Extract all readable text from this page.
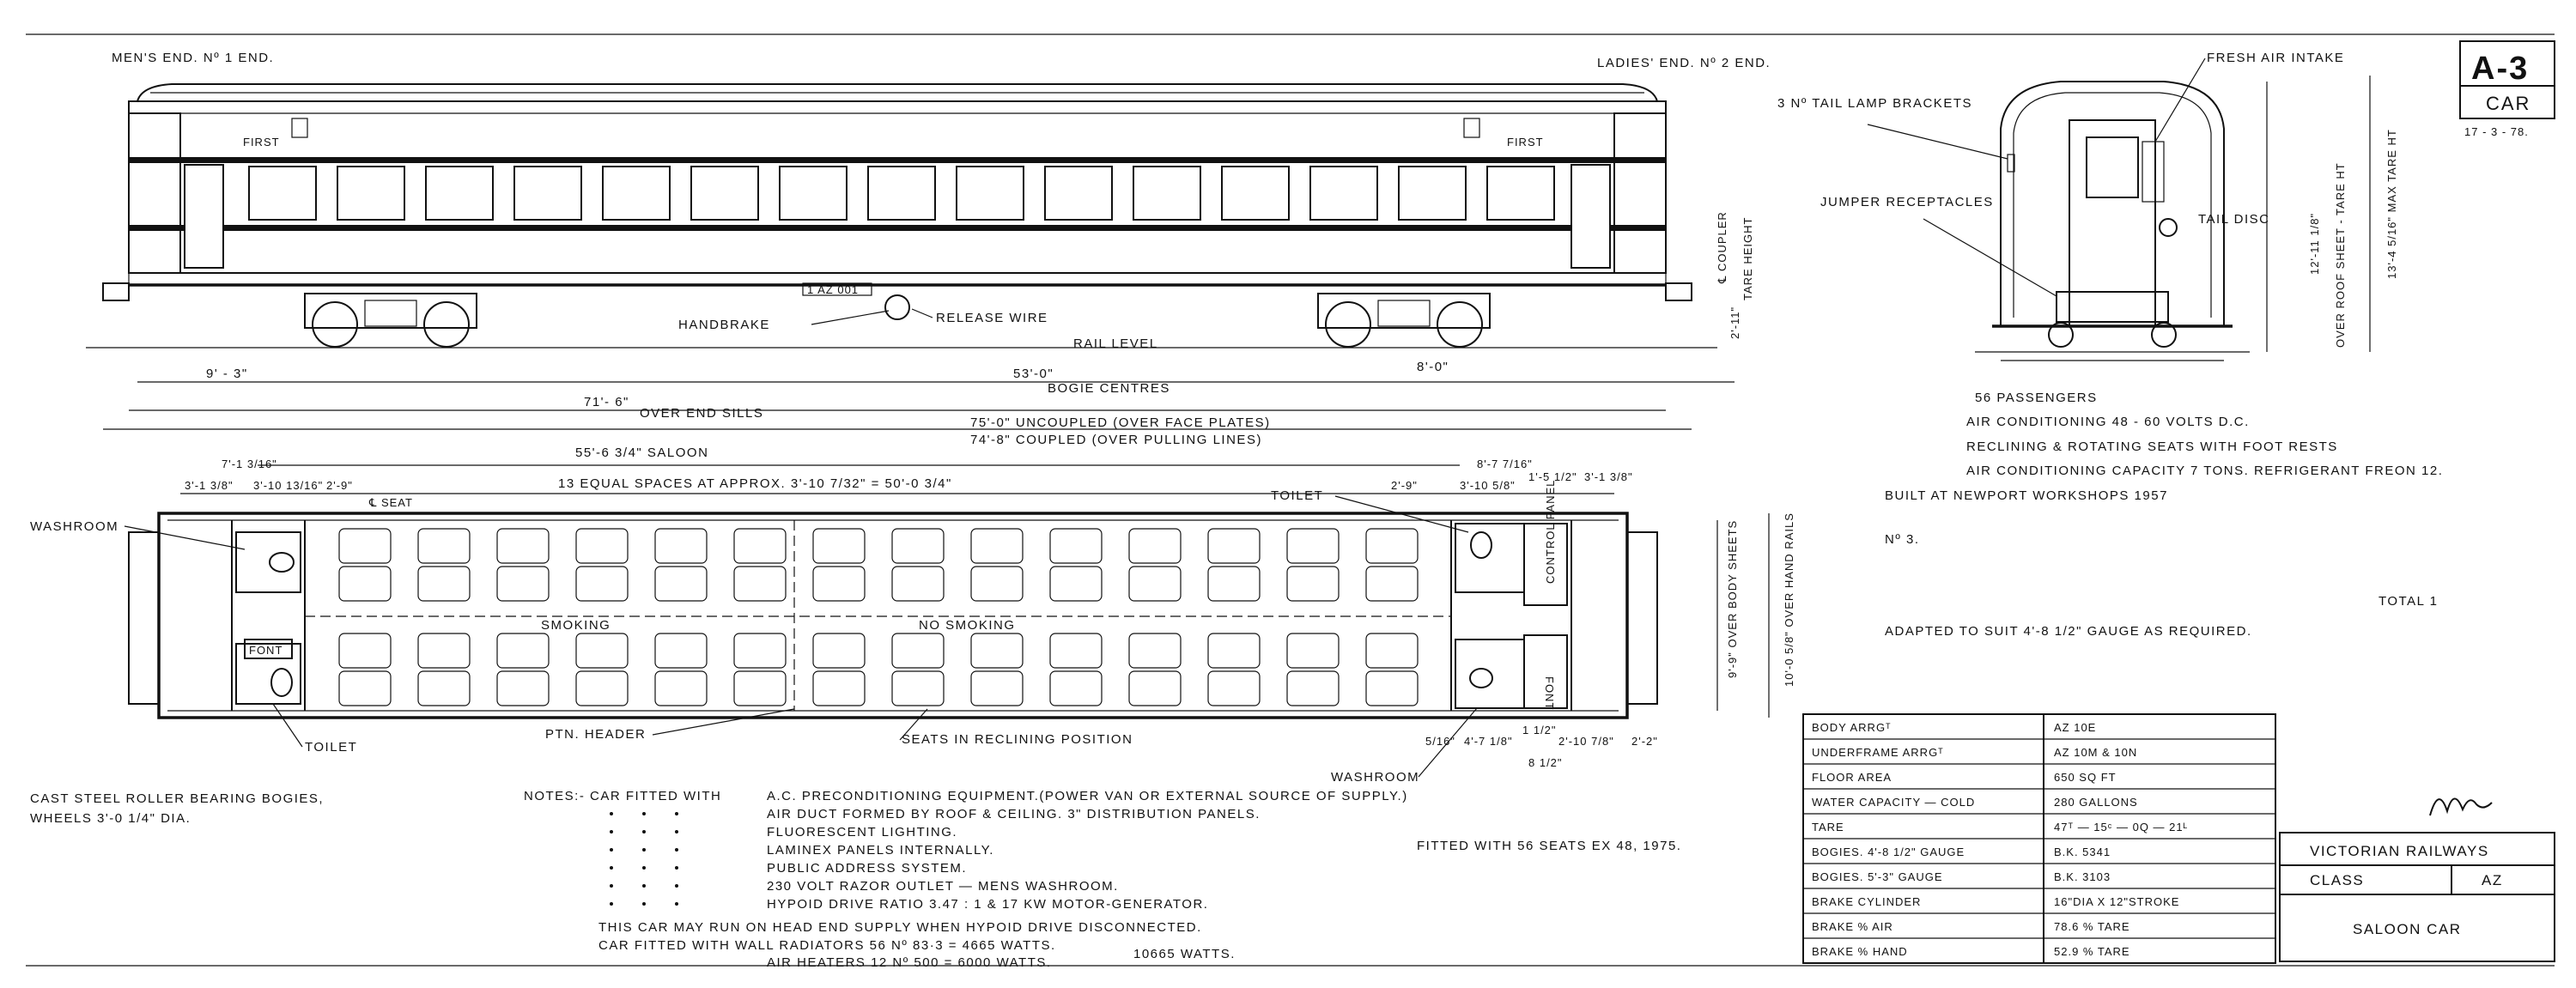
MEN'S END. Nº 1 END.	LADIES' END. Nº 2 END.
1 AZ 001
FIRST	FIRST
HANDBRAKE	RELEASE WIRE
RAIL LEVEL
℄ COUPLER TARE HEIGHT
2'-11"
9' - 3"	53'-0"
BOGIE CENTRES
8'-0"
71'- 6"
OVER END SILLS
75'-0" UNCOUPLED (OVER FACE PLATES)
74'-8" COUPLED (OVER PULLING LINES)
55'-6 3/4" SALOON
13 EQUAL SPACES AT APPROX. 3'-10 7/32" = 50'-0 3/4"
7'-1 3/16"
3'-1 3/8" 3'-10 13/16" 2'-9"
8'-7 7/16"
2'-9"	3'-10 5/8"
1'-5 1/2" 3'-1 3/8"
WASHROOM
℄ SEAT	TOILET	CONTROL PANEL
SMOKING	NO SMOKING
FONT
FONT
PTN. HEADER	SEATS IN RECLINING POSITION
TOILET
WASHROOM
9'-9" OVER BODY SHEETS	10'-0 5/8" OVER HAND RAILS
5/16" 4'-7 1/8"
1 1/2"
2'-10 7/8" 2'-2"
8 1/2"
3 Nº TAIL LAMP BRACKETS
JUMPER RECEPTACLES
FRESH AIR INTAKE
TAIL DISC	OVER ROOF SHEET - TARE HT
12'-11 1/8"	13'-4 5/16" MAX TARE HT
A-3
CAR
17 - 3 - 78.
56 PASSENGERS
AIR CONDITIONING 48 - 60 VOLTS D.C.
RECLINING & ROTATING SEATS WITH FOOT RESTS
AIR CONDITIONING CAPACITY 7 TONS. REFRIGERANT FREON 12.
BUILT AT NEWPORT WORKSHOPS 1957
Nº 3.
TOTAL 1
ADAPTED TO SUIT 4'-8 1/2" GAUGE AS REQUIRED.
BODY ARRGᵀ	AZ 10E
UNDERFRAME ARRGᵀ	AZ 10M & 10N
FLOOR AREA	650 SQ FT
WATER CAPACITY — COLD	280 GALLONS
TARE	47ᵀ — 15ᶜ — 0Q — 21ᴸ
BOGIES. 4'-8 1/2" GAUGE	B.K. 5341
BOGIES. 5'-3" GAUGE	B.K. 3103
BRAKE CYLINDER	16"DIA X 12"STROKE
BRAKE % AIR	78.6 % TARE
BRAKE % HAND	52.9 % TARE
VICTORIAN RAILWAYS
CLASS	AZ
SALOON CAR
CAST STEEL ROLLER BEARING BOGIES,
WHEELS 3'-0 1/4" DIA.
FITTED WITH 56 SEATS EX 48, 1975.
NOTES:- CAR FITTED WITH	A.C. PRECONDITIONING EQUIPMENT.(POWER VAN OR EXTERNAL SOURCE OF SUPPLY.)
AIR DUCT FORMED BY ROOF & CEILING. 3" DISTRIBUTION PANELS.
FLUORESCENT LIGHTING.
LAMINEX PANELS INTERNALLY.
PUBLIC ADDRESS SYSTEM.
230 VOLT RAZOR OUTLET — MENS WASHROOM.
HYPOID DRIVE RATIO 3.47 : 1 & 17 KW MOTOR-GENERATOR.
THIS CAR MAY RUN ON HEAD END SUPPLY WHEN HYPOID DRIVE DISCONNECTED.
CAR FITTED WITH WALL RADIATORS 56 Nº 83·3 = 4665 WATTS.
AIR HEATERS 12 Nº 500 = 6000 WATTS.
10665 WATTS.
